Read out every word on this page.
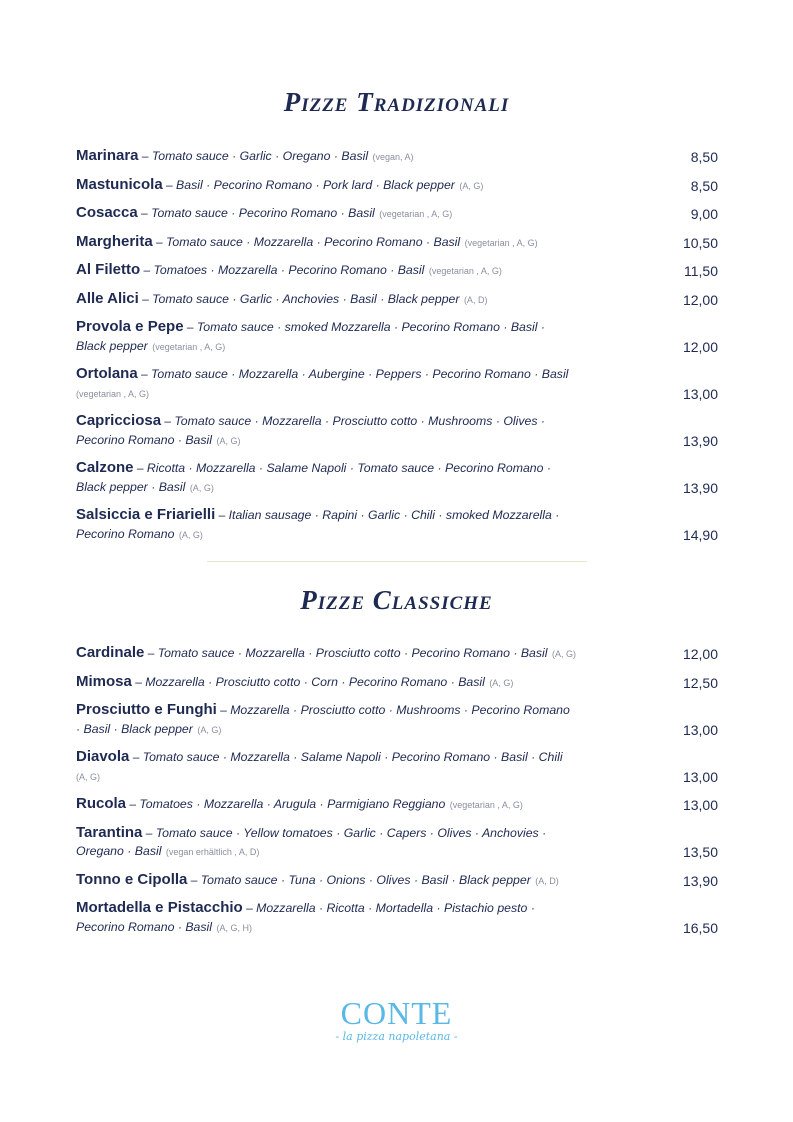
Pizze Tradizionali
Marinara – Tomato sauce · Garlic · Oregano · Basil (vegan, A)	8,50
Mastunicola – Basil · Pecorino Romano · Pork lard · Black pepper (A, G)	8,50
Cosacca – Tomato sauce · Pecorino Romano · Basil (vegetarian , A, G)	9,00
Margherita – Tomato sauce · Mozzarella · Pecorino Romano · Basil (vegetarian , A, G)	10,50
Al Filetto – Tomatoes · Mozzarella · Pecorino Romano · Basil (vegetarian , A, G)	11,50
Alle Alici – Tomato sauce · Garlic · Anchovies · Basil · Black pepper (A, D)	12,00
Provola e Pepe – Tomato sauce · smoked Mozzarella · Pecorino Romano · Basil · Black pepper (vegetarian , A, G)	12,00
Ortolana – Tomato sauce · Mozzarella · Aubergine · Peppers · Pecorino Romano · Basil (vegetarian , A, G)	13,00
Capricciosa – Tomato sauce · Mozzarella · Prosciutto cotto · Mushrooms · Olives · Pecorino Romano · Basil (A, G)	13,90
Calzone – Ricotta · Mozzarella · Salame Napoli · Tomato sauce · Pecorino Romano · Black pepper · Basil (A, G)	13,90
Salsiccia e Friarielli – Italian sausage · Rapini · Garlic · Chili · smoked Mozzarella · Pecorino Romano (A, G)	14,90
Pizze Classiche
Cardinale – Tomato sauce · Mozzarella · Prosciutto cotto · Pecorino Romano · Basil (A, G)	12,00
Mimosa – Mozzarella · Prosciutto cotto · Corn · Pecorino Romano · Basil (A, G)	12,50
Prosciutto e Funghi – Mozzarella · Prosciutto cotto · Mushrooms · Pecorino Romano · Basil · Black pepper (A, G)	13,00
Diavola – Tomato sauce · Mozzarella · Salame Napoli · Pecorino Romano · Basil · Chili (A, G)	13,00
Rucola – Tomatoes · Mozzarella · Arugula · Parmigiano Reggiano (vegetarian , A, G)	13,00
Tarantina – Tomato sauce · Yellow tomatoes · Garlic · Capers · Olives · Anchovies · Oregano · Basil (vegan erhältlich , A, D)	13,50
Tonno e Cipolla – Tomato sauce · Tuna · Onions · Olives · Basil · Black pepper (A, D)	13,90
Mortadella e Pistacchio – Mozzarella · Ricotta · Mortadella · Pistachio pesto · Pecorino Romano · Basil (A, G, H)	16,50
CONTE
- la pizza napoletana -
